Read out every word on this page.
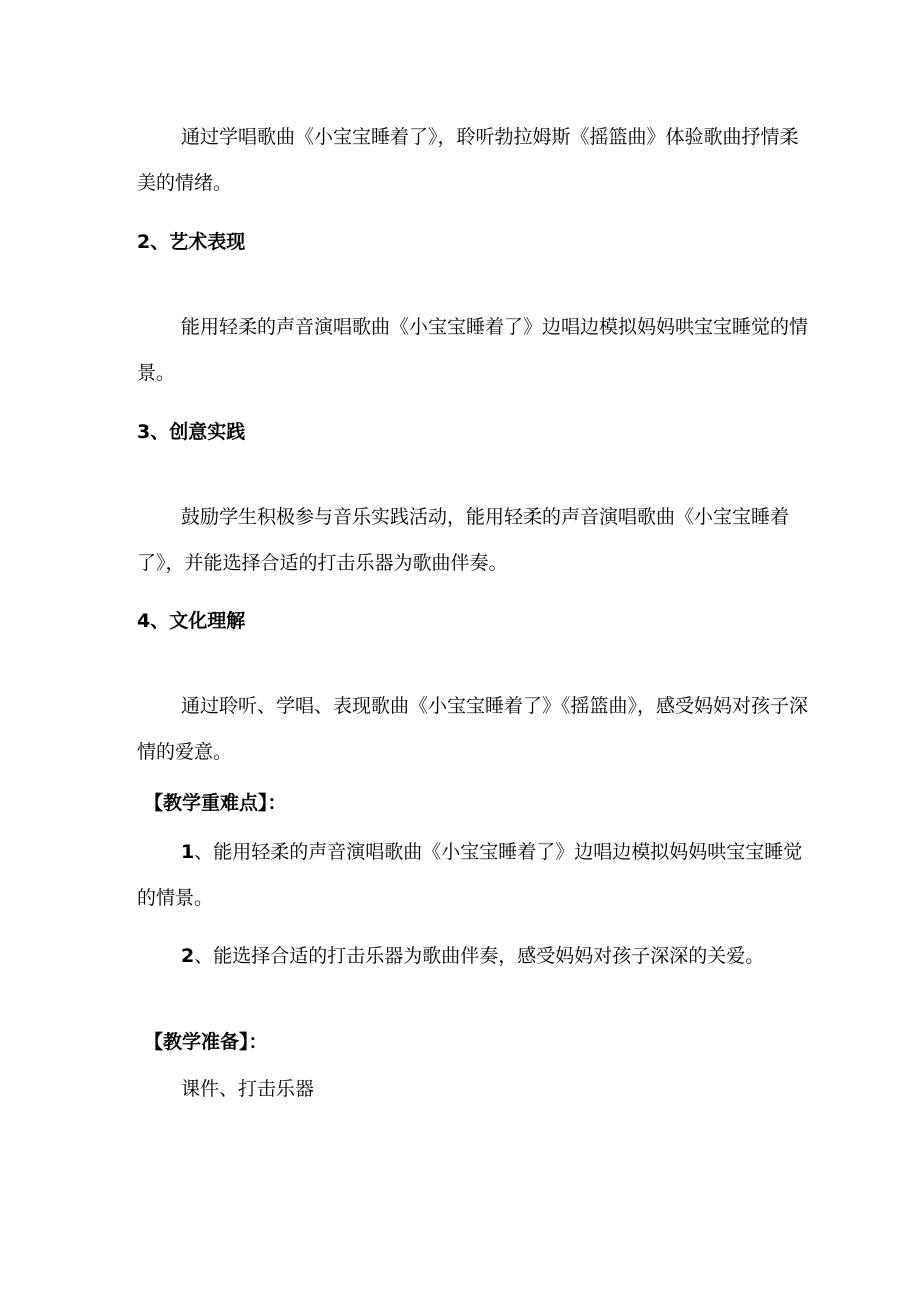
通过学唱歌曲《小宝宝睡着了》，聆听勃拉姆斯《摇篮曲》体验歌曲抒情柔美的情绪。
2、艺术表现
能用轻柔的声音演唱歌曲《小宝宝睡着了》边唱边模拟妈妈哄宝宝睡觉的情景。
3、创意实践
鼓励学生积极参与音乐实践活动，能用轻柔的声音演唱歌曲《小宝宝睡着了》，并能选择合适的打击乐器为歌曲伴奏。
4、文化理解
通过聆听、学唱、表现歌曲《小宝宝睡着了》《摇篮曲》，感受妈妈对孩子深情的爱意。
【教学重难点】：
1、能用轻柔的声音演唱歌曲《小宝宝睡着了》边唱边模拟妈妈哄宝宝睡觉的情景。
2、能选择合适的打击乐器为歌曲伴奏，感受妈妈对孩子深深的关爱。
【教学准备】：
课件、打击乐器
